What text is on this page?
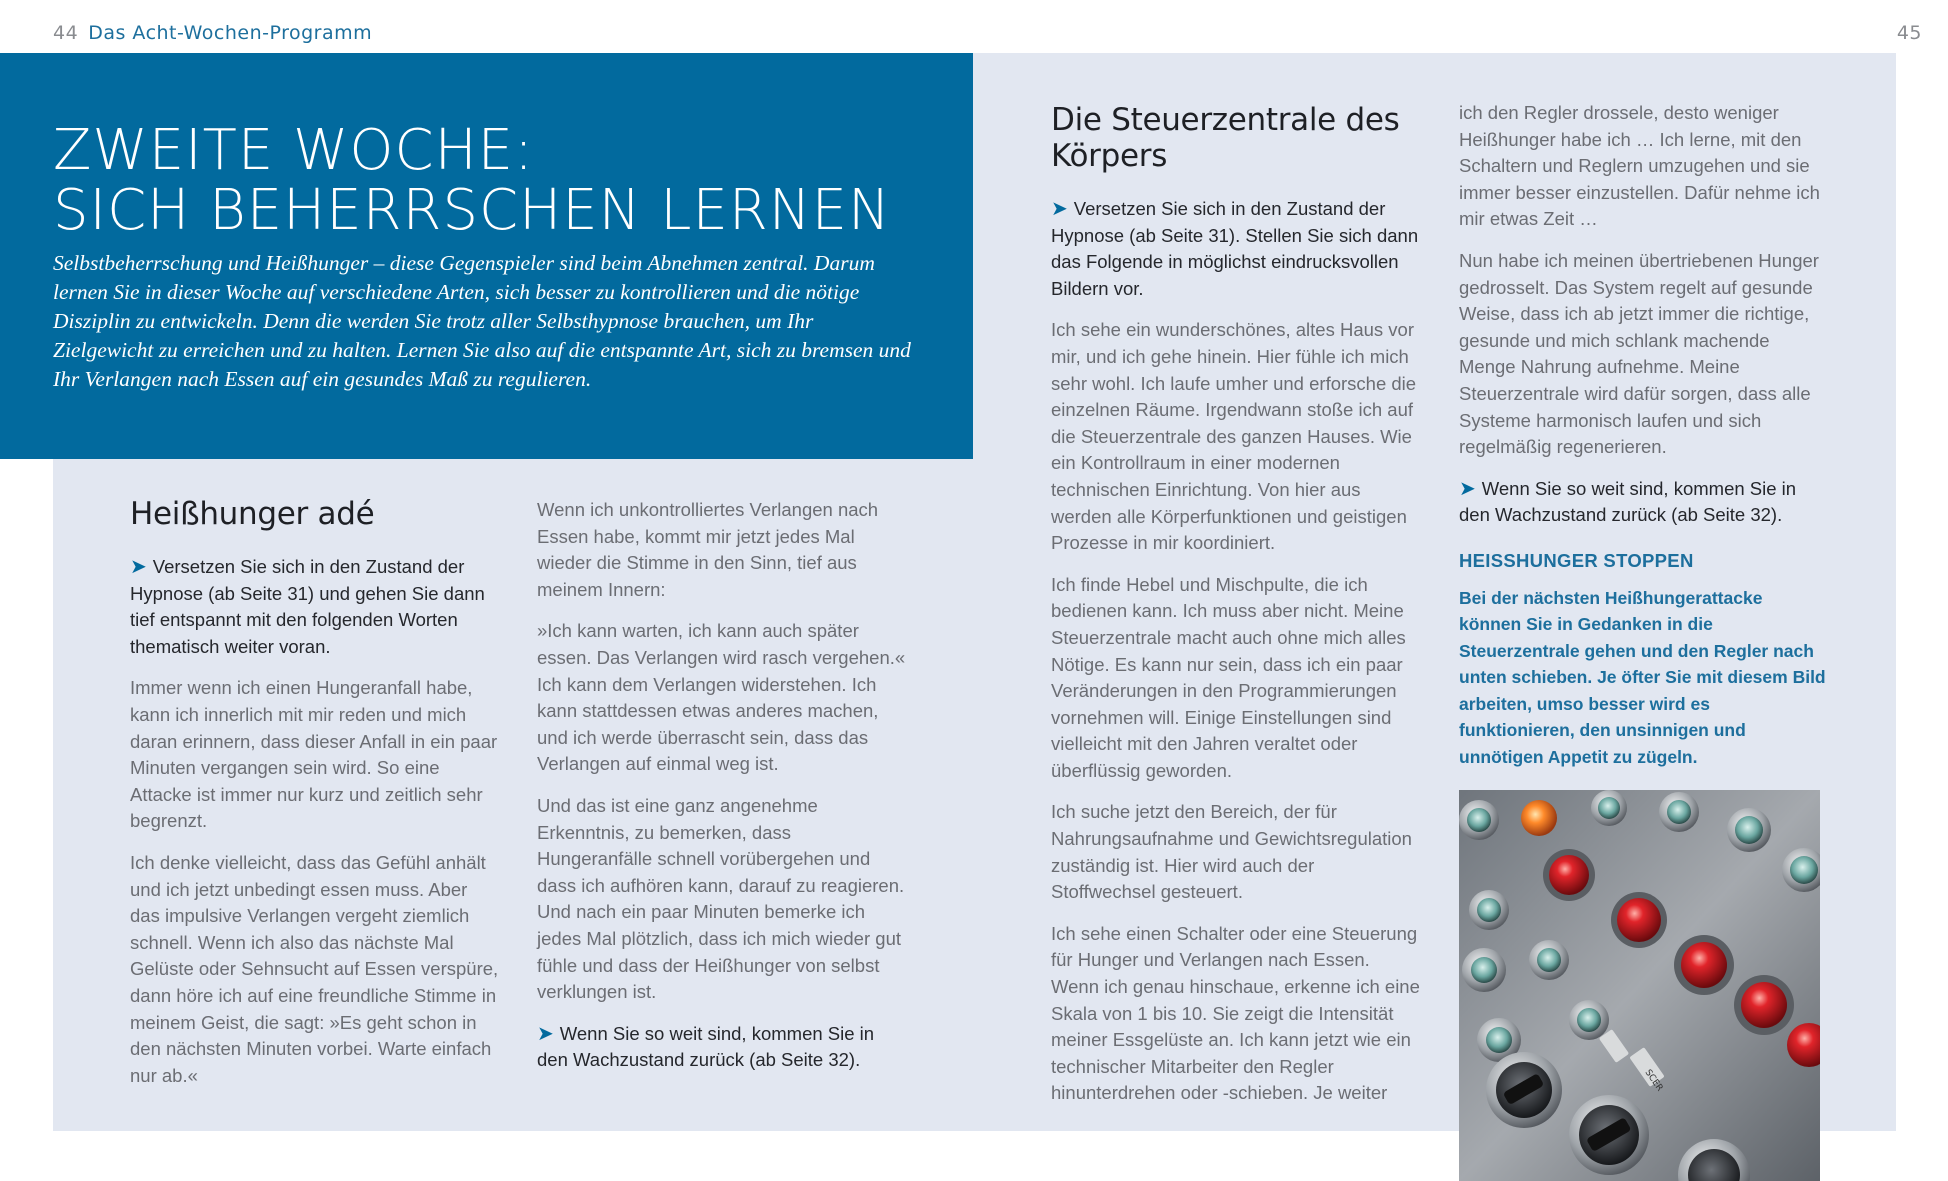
44 Das Acht-Wochen-Programm	45
ZWEITE WOCHE:
SICH BEHERRSCHEN LERNEN
Selbstbeherrschung und Heißhunger – diese Gegenspieler sind beim Abnehmen zentral. Darum lernen Sie in dieser Woche auf verschiedene Arten, sich besser zu kontrollieren und die nötige Disziplin zu entwickeln. Denn die werden Sie trotz aller Selbsthypnose brauchen, um Ihr Zielgewicht zu erreichen und zu halten. Lernen Sie also auf die entspannte Art, sich zu bremsen und Ihr Verlangen nach Essen auf ein gesundes Maß zu regulieren.
Heißhunger adé

➤ Versetzen Sie sich in den Zustand der Hypnose (ab Seite 31) und gehen Sie dann tief entspannt mit den folgenden Worten thematisch weiter voran.

Immer wenn ich einen Hungeranfall habe, kann ich innerlich mit mir reden und mich daran erinnern, dass dieser Anfall in ein paar Minuten vergangen sein wird. So eine Attacke ist immer nur kurz und zeitlich sehr begrenzt.

Ich denke vielleicht, dass das Gefühl anhält und ich jetzt unbedingt essen muss. Aber das impulsive Verlangen vergeht ziemlich schnell. Wenn ich also das nächste Mal Gelüste oder Sehnsucht auf Essen verspüre, dann höre ich auf eine freundliche Stimme in meinem Geist, die sagt: »Es geht schon in den nächsten Minuten vorbei. Warte einfach nur ab.«

Wenn ich unkontrolliertes Verlangen nach Essen habe, kommt mir jetzt jedes Mal wieder die Stimme in den Sinn, tief aus meinem Innern:

»Ich kann warten, ich kann auch später essen. Das Verlangen wird rasch vergehen.« Ich kann dem Verlangen widerstehen. Ich kann stattdessen etwas anderes machen, und ich werde überrascht sein, dass das Verlangen auf einmal weg ist.

Und das ist eine ganz angenehme Erkenntnis, zu bemerken, dass Hungeranfälle schnell vorübergehen und dass ich aufhören kann, darauf zu reagieren. Und nach ein paar Minuten bemerke ich jedes Mal plötzlich, dass ich mich wieder gut fühle und dass der Heißhunger von selbst verklungen ist.

➤ Wenn Sie so weit sind, kommen Sie in den Wachzustand zurück (ab Seite 32).

Die Steuerzentrale des Körpers

➤ Versetzen Sie sich in den Zustand der Hypnose (ab Seite 31). Stellen Sie sich dann das Folgende in möglichst eindrucksvollen Bildern vor.

Ich sehe ein wunderschönes, altes Haus vor mir, und ich gehe hinein. Hier fühle ich mich sehr wohl. Ich laufe umher und erforsche die einzelnen Räume. Irgendwann stoße ich auf die Steuerzentrale des ganzen Hauses. Wie ein Kontrollraum in einer modernen technischen Einrichtung. Von hier aus werden alle Körperfunktionen und geistigen Prozesse in mir koordiniert.

Ich finde Hebel und Mischpulte, die ich bedienen kann. Ich muss aber nicht. Meine Steuerzentrale macht auch ohne mich alles Nötige. Es kann nur sein, dass ich ein paar Veränderungen in den Programmierungen vornehmen will. Einige Einstellungen sind vielleicht mit den Jahren veraltet oder überflüssig geworden.

Ich suche jetzt den Bereich, der für Nahrungsaufnahme und Gewichtsregulation zuständig ist. Hier wird auch der Stoffwechsel gesteuert.

Ich sehe einen Schalter oder eine Steuerung für Hunger und Verlangen nach Essen. Wenn ich genau hinschaue, erkenne ich eine Skala von 1 bis 10. Sie zeigt die Intensität meiner Essgelüste an. Ich kann jetzt wie ein technischer Mitarbeiter den Regler hinunterdrehen oder -schieben. Je weiter

ich den Regler drossele, desto weniger Heißhunger habe ich … Ich lerne, mit den Schaltern und Reglern umzugehen und sie immer besser einzustellen. Dafür nehme ich mir etwas Zeit …

Nun habe ich meinen übertriebenen Hunger gedrosselt. Das System regelt auf gesunde Weise, dass ich ab jetzt immer die richtige, gesunde und mich schlank machende Menge Nahrung aufnehme. Meine Steuerzentrale wird dafür sorgen, dass alle Systeme harmonisch laufen und sich regelmäßig regenerieren.

➤ Wenn Sie so weit sind, kommen Sie in den Wachzustand zurück (ab Seite 32).

HEISSHUNGER STOPPEN
Bei der nächsten Heißhungerattacke können Sie in Gedanken in die Steuerzentrale gehen und den Regler nach unten schieben. Je öfter Sie mit diesem Bild arbeiten, umso besser wird es funktionieren, den unsinnigen und unnötigen Appetit zu zügeln.
SCER
